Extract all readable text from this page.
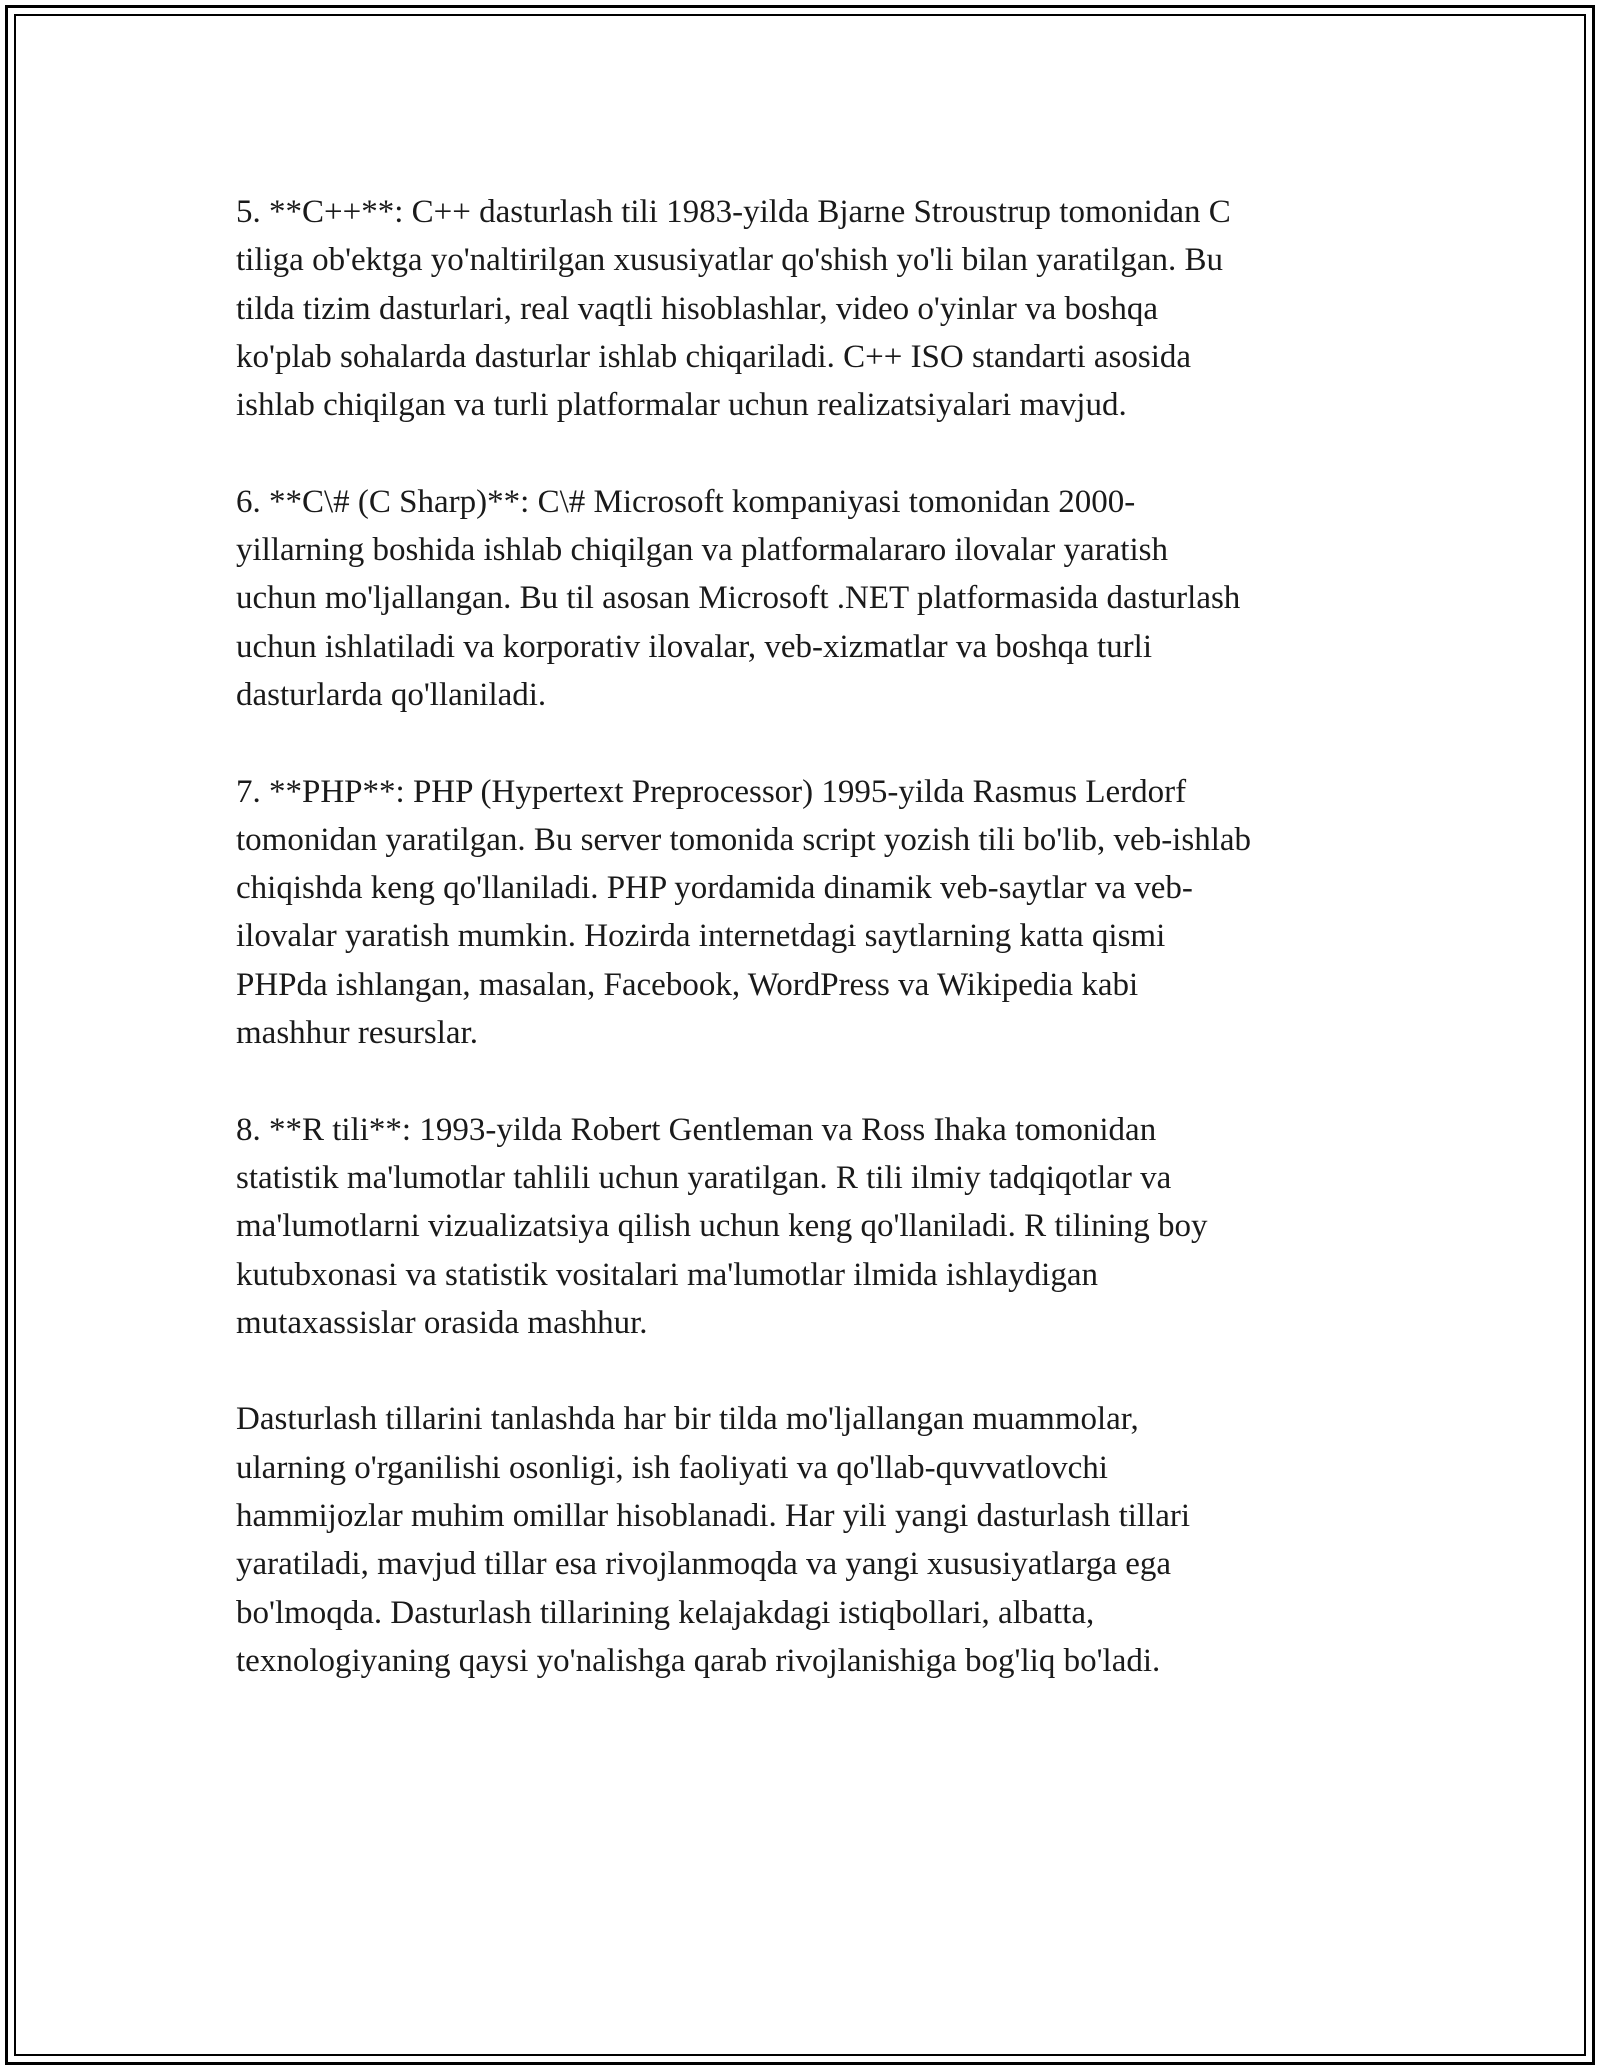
5. **C++**: C++ dasturlash tili 1983-yilda Bjarne Stroustrup tomonidan C
tiliga ob'ektga yo'naltirilgan xususiyatlar qo'shish yo'li bilan yaratilgan. Bu
tilda tizim dasturlari, real vaqtli hisoblashlar, video o'yinlar va boshqa
ko'plab sohalarda dasturlar ishlab chiqariladi. C++ ISO standarti asosida
ishlab chiqilgan va turli platformalar uchun realizatsiyalari mavjud.

6. **C\# (C Sharp)**: C\# Microsoft kompaniyasi tomonidan 2000-
yillarning boshida ishlab chiqilgan va platformalararo ilovalar yaratish
uchun mo'ljallangan. Bu til asosan Microsoft .NET platformasida dasturlash
uchun ishlatiladi va korporativ ilovalar, veb-xizmatlar va boshqa turli
dasturlarda qo'llaniladi.

7. **PHP**: PHP (Hypertext Preprocessor) 1995-yilda Rasmus Lerdorf
tomonidan yaratilgan. Bu server tomonida script yozish tili bo'lib, veb-ishlab
chiqishda keng qo'llaniladi. PHP yordamida dinamik veb-saytlar va veb-
ilovalar yaratish mumkin. Hozirda internetdagi saytlarning katta qismi
PHPda ishlangan, masalan, Facebook, WordPress va Wikipedia kabi
mashhur resurslar.

8. **R tili**: 1993-yilda Robert Gentleman va Ross Ihaka tomonidan
statistik ma'lumotlar tahlili uchun yaratilgan. R tili ilmiy tadqiqotlar va
ma'lumotlarni vizualizatsiya qilish uchun keng qo'llaniladi. R tilining boy
kutubxonasi va statistik vositalari ma'lumotlar ilmida ishlaydigan
mutaxassislar orasida mashhur.

Dasturlash tillarini tanlashda har bir tilda mo'ljallangan muammolar,
ularning o'rganilishi osonligi, ish faoliyati va qo'llab-quvvatlovchi
hammijozlar muhim omillar hisoblanadi. Har yili yangi dasturlash tillari
yaratiladi, mavjud tillar esa rivojlanmoqda va yangi xususiyatlarga ega
bo'lmoqda. Dasturlash tillarining kelajakdagi istiqbollari, albatta,
texnologiyaning qaysi yo'nalishga qarab rivojlanishiga bog'liq bo'ladi.
